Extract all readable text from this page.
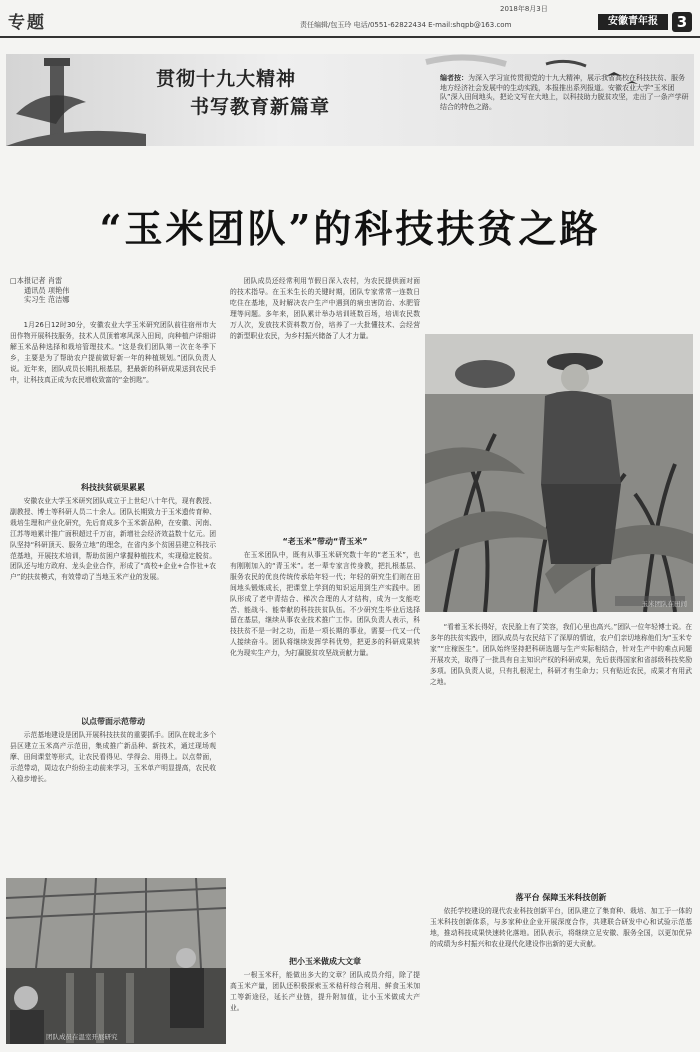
专题	责任编辑/包玉玲 电话/0551-62822434 E-mail:shqpb@163.com
2018年8月3日
安徽青年报	3
贯彻十九大精神
书写教育新篇章
编者按：为深入学习宣传贯彻党的十九大精神，展示我省高校在科技扶贫、服务地方经济社会发展中的生动实践，本报推出系列报道。安徽农业大学“玉米团队”深入田间地头，把论文写在大地上，以科技助力脱贫攻坚，走出了一条产学研结合的特色之路。
“玉米团队”的科技扶贫之路
□本报记者 肖雷
通讯员 项艳伟
实习生 范洁娜

1月26日12时30分，安徽农业大学玉米研究团队前往宿州市大田作物开展科技服务，技术人员顶着寒风深入田间，向种植户详细讲解玉米品种选择和栽培管理技术。“这是我们团队第一次在冬季下乡，主要是为了帮助农户提前做好新一年的种植规划。”团队负责人说。近年来，团队成员长期扎根基层，把最新的科研成果送到农民手中，让科技真正成为农民增收致富的“金钥匙”。

科技扶贫硕果累累

安徽农业大学玉米研究团队成立于上世纪八十年代，现有教授、副教授、博士等科研人员二十余人。团队长期致力于玉米遗传育种、栽培生理和产业化研究，先后育成多个玉米新品种，在安徽、河南、江苏等地累计推广面积超过千万亩，新增社会经济效益数十亿元。团队坚持“科研顶天、服务立地”的理念，在省内多个贫困县建立科技示范基地，开展技术培训，帮助贫困户掌握种植技术，实现稳定脱贫。团队还与地方政府、龙头企业合作，形成了“高校+企业+合作社+农户”的扶贫模式，有效带动了当地玉米产业的发展。

以点带面示范带动

示范基地建设是团队开展科技扶贫的重要抓手。团队在皖北多个县区建立玉米高产示范田，集成推广新品种、新技术，通过现场观摩、田间课堂等形式，让农民看得见、学得会、用得上。以点带面，示范带动，周边农户纷纷主动前来学习，玉米单产明显提高，农民收入稳步增长。

团队成员还经常利用节假日深入农村，为农民提供面对面的技术指导。在玉米生长的关键时期，团队专家常常一连数日吃住在基地，及时解决农户生产中遇到的病虫害防治、水肥管理等问题。多年来，团队累计举办培训班数百场，培训农民数万人次，发放技术资料数万份，培养了一大批懂技术、会经营的新型职业农民，为乡村振兴储备了人才力量。

“老玉米”带动“青玉米”

在玉米团队中，既有从事玉米研究数十年的“老玉米”，也有刚刚加入的“青玉米”。老一辈专家言传身教，把扎根基层、服务农民的优良传统传承给年轻一代；年轻的研究生们则在田间地头锻炼成长，把课堂上学到的知识运用到生产实践中。团队形成了老中青结合、梯次合理的人才结构，成为一支能吃苦、能战斗、能奉献的科技扶贫队伍。不少研究生毕业后选择留在基层，继续从事农业技术推广工作。团队负责人表示，科技扶贫不是一时之功，而是一项长期的事业，需要一代又一代人接续奋斗。团队将继续发挥学科优势，把更多的科研成果转化为现实生产力，为打赢脱贫攻坚战贡献力量。

把小玉米做成大文章

一根玉米秆，能做出多大的文章？团队成员介绍，除了提高玉米产量，团队还积极探索玉米秸秆综合利用、鲜食玉米加工等新途径，延长产业链，提升附加值，让小玉米做成大产业。

玉米团队在田间

“看着玉米长得好，农民脸上有了笑容，我们心里也高兴。”团队一位年轻博士说。在多年的扶贫实践中，团队成员与农民结下了深厚的情谊，农户们亲切地称他们为“玉米专家”“庄稼医生”。团队始终坚持把科研选题与生产实际相结合，针对生产中的难点问题开展攻关，取得了一批具有自主知识产权的科研成果，先后获得国家和省部级科技奖励多项。团队负责人说，只有扎根泥土，科研才有生命力；只有贴近农民，成果才有用武之地。

落平台 保障玉米科技创新

依托学校建设的现代农业科技创新平台，团队建立了集育种、栽培、加工于一体的玉米科技创新体系，与多家种业企业开展深度合作，共建联合研发中心和试验示范基地，推动科技成果快速转化落地。团队表示，将继续立足安徽、服务全国，以更加优异的成绩为乡村振兴和农业现代化建设作出新的更大贡献。

团队成员在温室开展研究
